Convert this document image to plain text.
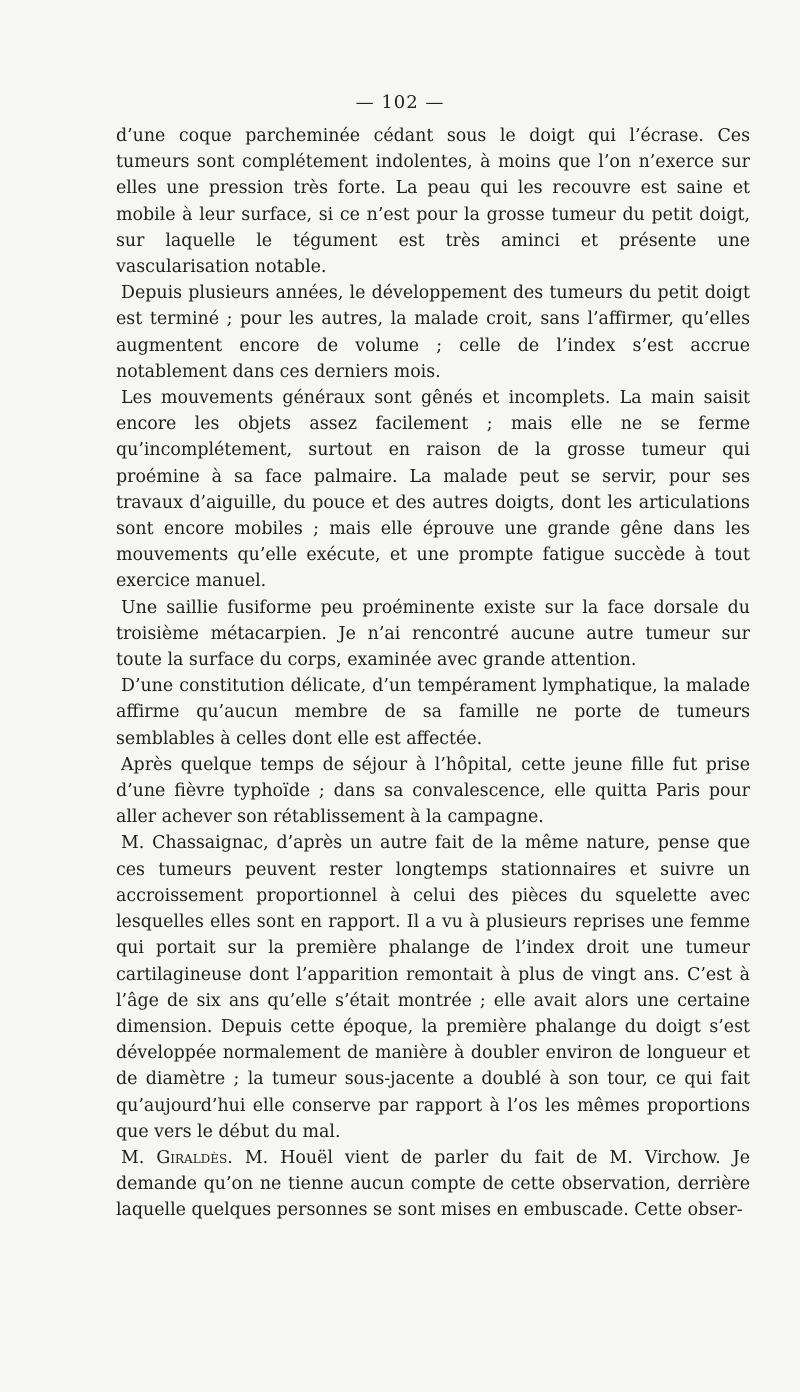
— 102 —

d’une coque parcheminée cédant sous le doigt qui l’écrase. Ces tumeurs sont complétement indolentes, à moins que l’on n’exerce sur elles une pression très forte. La peau qui les recouvre est saine et mobile à leur surface, si ce n’est pour la grosse tumeur du petit doigt, sur laquelle le tégument est très aminci et présente une vascularisation notable.

Depuis plusieurs années, le développement des tumeurs du petit doigt est terminé ; pour les autres, la malade croit, sans l’affirmer, qu’elles augmentent encore de volume ; celle de l’index s’est accrue notablement dans ces derniers mois.

Les mouvements généraux sont gênés et incomplets. La main saisit encore les objets assez facilement ; mais elle ne se ferme qu’incomplétement, surtout en raison de la grosse tumeur qui proémine à sa face palmaire. La malade peut se servir, pour ses travaux d’aiguille, du pouce et des autres doigts, dont les articulations sont encore mobiles ; mais elle éprouve une grande gêne dans les mouvements qu’elle exécute, et une prompte fatigue succède à tout exercice manuel.

Une saillie fusiforme peu proéminente existe sur la face dorsale du troisième métacarpien. Je n’ai rencontré aucune autre tumeur sur toute la surface du corps, examinée avec grande attention.

D’une constitution délicate, d’un tempérament lymphatique, la malade affirme qu’aucun membre de sa famille ne porte de tumeurs semblables à celles dont elle est affectée.

Après quelque temps de séjour à l’hôpital, cette jeune fille fut prise d’une fièvre typhoïde ; dans sa convalescence, elle quitta Paris pour aller achever son rétablissement à la campagne.

M. Chassaignac, d’après un autre fait de la même nature, pense que ces tumeurs peuvent rester longtemps stationnaires et suivre un accroissement proportionnel à celui des pièces du squelette avec lesquelles elles sont en rapport. Il a vu à plusieurs reprises une femme qui portait sur la première phalange de l’index droit une tumeur cartilagineuse dont l’apparition remontait à plus de vingt ans. C’est à l’âge de six ans qu’elle s’était montrée ; elle avait alors une certaine dimension. Depuis cette époque, la première phalange du doigt s’est développée normalement de manière à doubler environ de longueur et de diamètre ; la tumeur sous-jacente a doublé à son tour, ce qui fait qu’aujourd’hui elle conserve par rapport à l’os les mêmes proportions que vers le début du mal.

M. Giraldès. M. Houël vient de parler du fait de M. Virchow. Je demande qu’on ne tienne aucun compte de cette observation, derrière laquelle quelques personnes se sont mises en embuscade. Cette obser-
